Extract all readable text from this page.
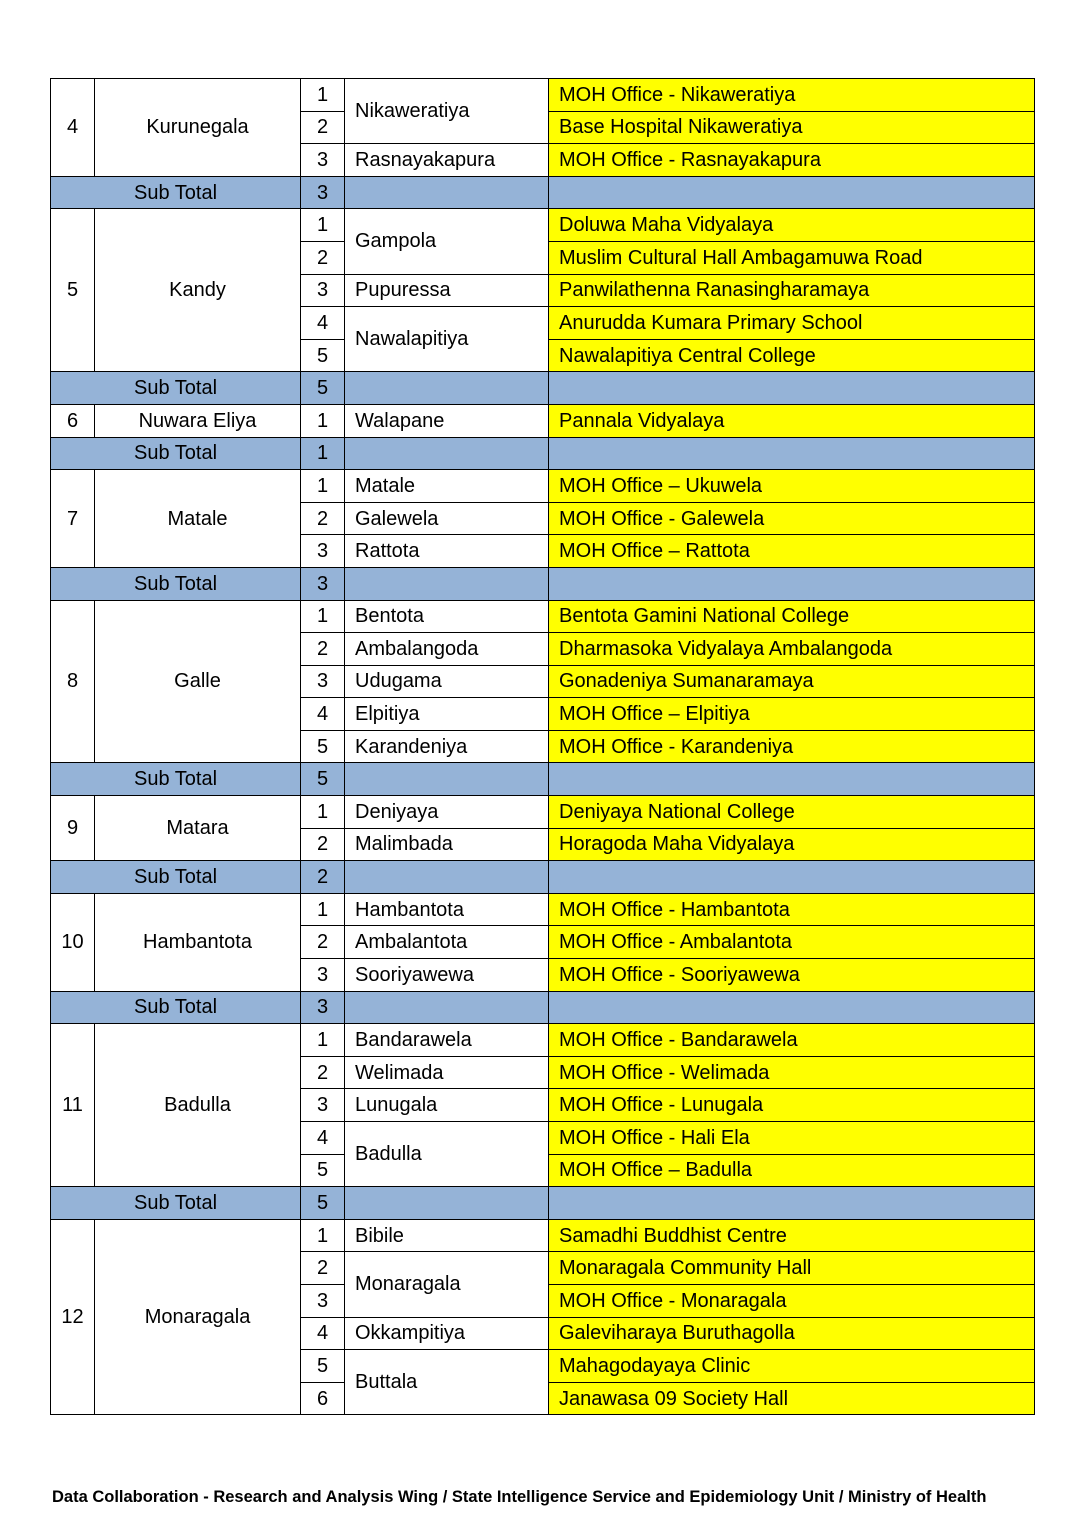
4	Kurunegala	1	Nikaweratiya	MOH Office - Nikaweratiya
		2		Base Hospital Nikaweratiya
		3	Rasnayakapura	MOH Office - Rasnayakapura
Sub Total		3		
5	Kandy	1	Gampola	Doluwa Maha Vidyalaya
		2		Muslim Cultural Hall Ambagamuwa Road
		3	Pupuressa	Panwilathenna Ranasingharamaya
		4	Nawalapitiya	Anurudda Kumara Primary School
		5		Nawalapitiya Central College
Sub Total		5		
6	Nuwara Eliya	1	Walapane	Pannala Vidyalaya
Sub Total		1		
7	Matale	1	Matale	MOH Office – Ukuwela
		2	Galewela	MOH Office - Galewela
		3	Rattota	MOH Office – Rattota
Sub Total		3		
8	Galle	1	Bentota	Bentota Gamini National College
		2	Ambalangoda	Dharmasoka Vidyalaya Ambalangoda
		3	Udugama	Gonadeniya Sumanaramaya
		4	Elpitiya	MOH Office – Elpitiya
		5	Karandeniya	MOH Office - Karandeniya
Sub Total		5		
9	Matara	1	Deniyaya	Deniyaya National College
		2	Malimbada	Horagoda Maha Vidyalaya
Sub Total		2		
10	Hambantota	1	Hambantota	MOH Office - Hambantota
		2	Ambalantota	MOH Office - Ambalantota
		3	Sooriyawewa	MOH Office - Sooriyawewa
Sub Total		3		
11	Badulla	1	Bandarawela	MOH Office - Bandarawela
		2	Welimada	MOH Office - Welimada
		3	Lunugala	MOH Office - Lunugala
		4	Badulla	MOH Office - Hali Ela
		5		MOH Office – Badulla
Sub Total		5		
12	Monaragala	1	Bibile	Samadhi Buddhist Centre
		2	Monaragala	Monaragala Community Hall
		3		MOH Office - Monaragala
		4	Okkampitiya	Galeviharaya Buruthagolla
		5	Buttala	Mahagodayaya Clinic
		6		Janawasa 09 Society Hall
Data Collaboration - Research and Analysis Wing / State Intelligence Service and Epidemiology Unit / Ministry of Health
